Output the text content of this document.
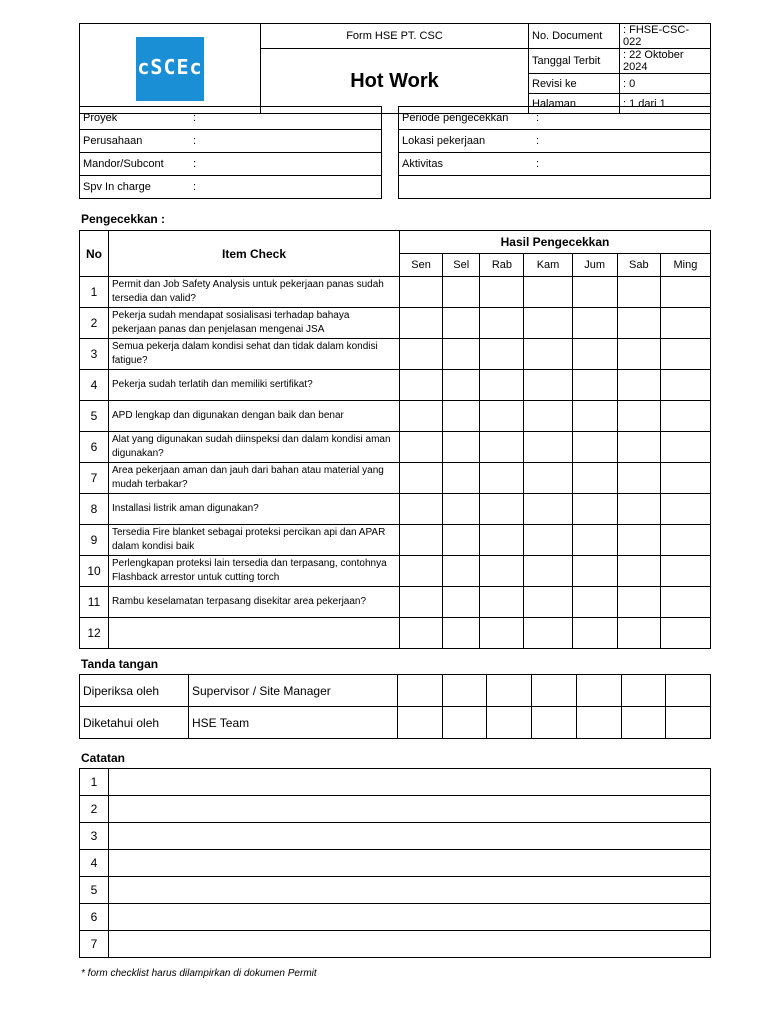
cSCEc	Form HSE PT. CSC	No. Document	: FHSE-CSC-022
	Hot Work	Tanggal Terbit	: 22 Oktober 2024
		Revisi ke	: 0
		Halaman	: 1 dari 1
Proyek	:
Perusahaan	:
Mandor/Subcont	:
Spv In charge	:
Periode pengecekkan	:
Lokasi pekerjaan	:
Aktivitas	:

Pengecekkan :
No	Item Check	Hasil Pengecekkan						
		Sen	Sel	Rab	Kam	Jum	Sab	Ming
1	Permit dan Job Safety Analysis untuk pekerjaan panas sudah tersedia dan valid?							
2	Pekerja sudah mendapat sosialisasi terhadap bahaya pekerjaan panas dan penjelasan mengenai JSA							
3	Semua pekerja dalam kondisi sehat dan tidak dalam kondisi fatigue?							
4	Pekerja sudah terlatih dan memiliki sertifikat?							
5	APD lengkap dan digunakan dengan baik dan benar							
6	Alat yang digunakan sudah diinspeksi dan dalam kondisi aman digunakan?							
7	Area pekerjaan aman dan jauh dari bahan atau material yang mudah terbakar?							
8	Installasi listrik aman digunakan?							
9	Tersedia Fire blanket sebagai proteksi percikan api dan APAR dalam kondisi baik							
10	Perlengkapan proteksi lain tersedia dan terpasang, contohnya Flashback arrestor untuk cutting torch							
11	Rambu keselamatan terpasang disekitar area pekerjaan?							
12								
Tanda tangan
Diperiksa oleh	Supervisor / Site Manager							
Diketahui oleh	HSE Team							
Catatan
1	
2	
3	
4	
5	
6	
7	
* form checklist harus dilampirkan di dokumen Permit
